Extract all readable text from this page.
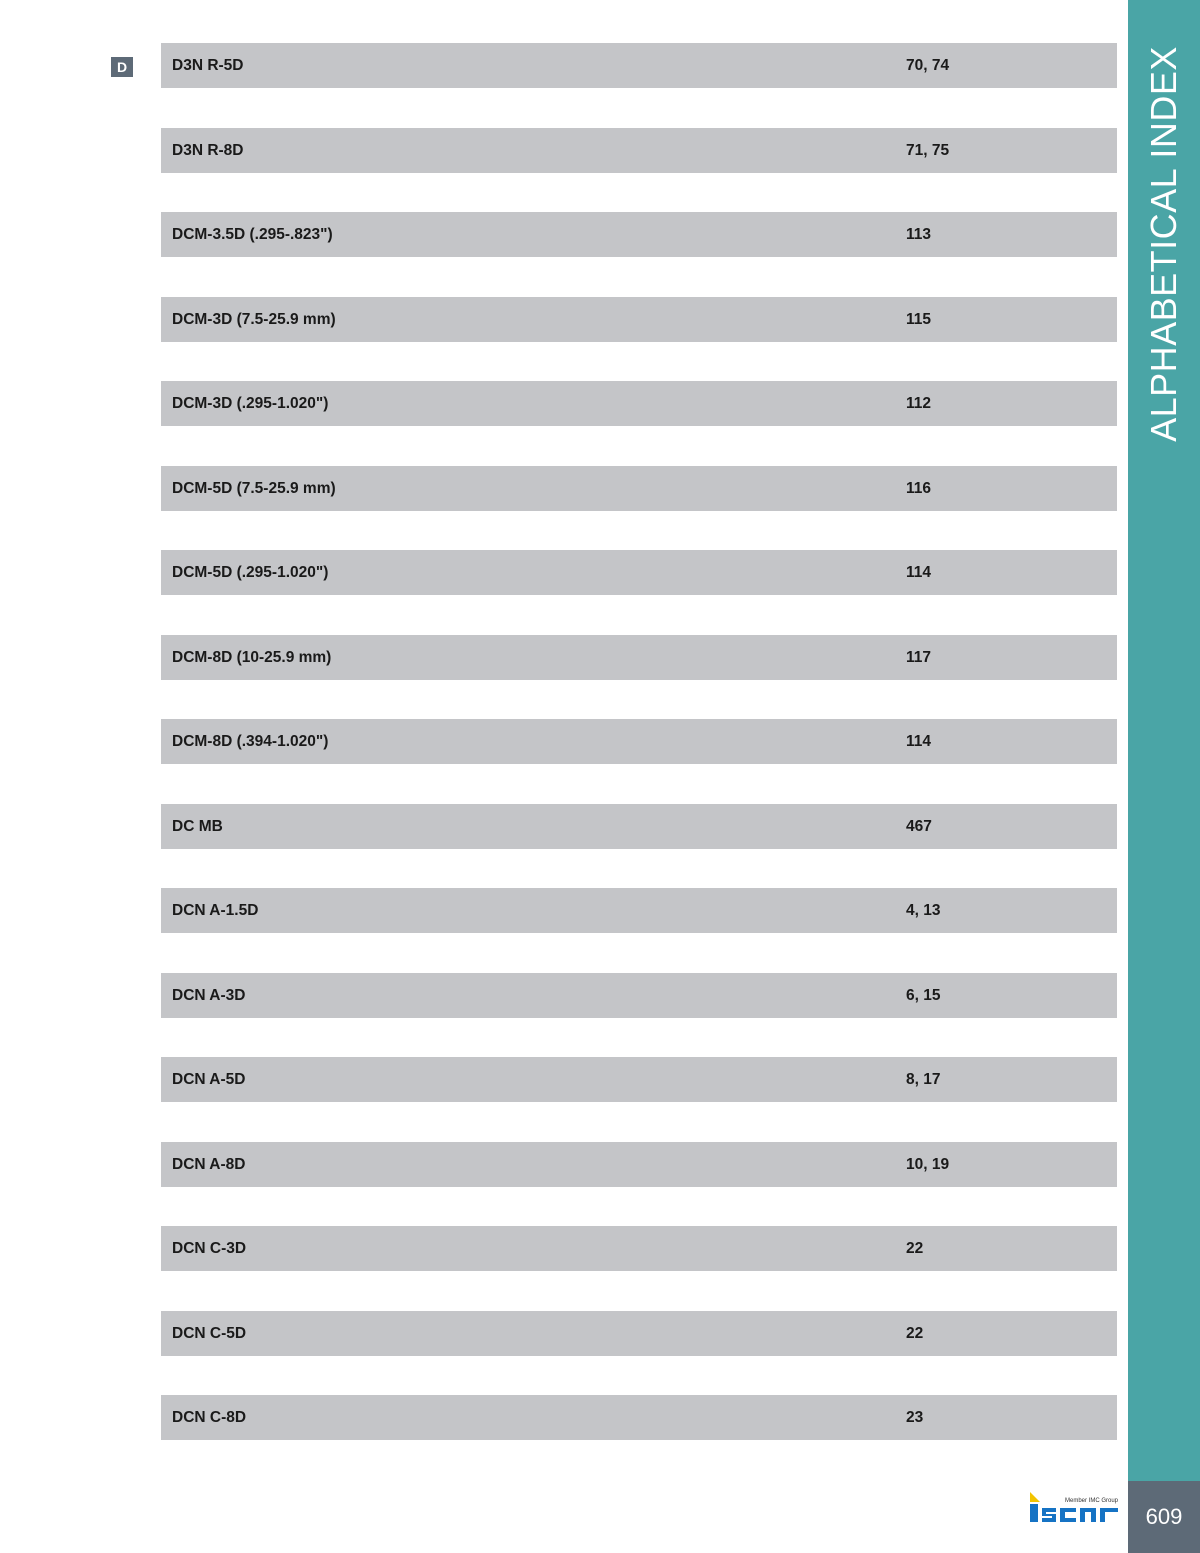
D	D3N R-5D	70, 74
D3N R-8D	71, 75
DCM-3.5D (.295-.823")	113
DCM-3D (7.5-25.9 mm)	115
DCM-3D (.295-1.020")	112
DCM-5D (7.5-25.9 mm)	116
DCM-5D (.295-1.020")	114
DCM-8D (10-25.9 mm)	117
DCM-8D (.394-1.020")	114
DC MB	467
DCN A-1.5D	4, 13
DCN A-3D	6, 15
DCN A-5D	8, 17
DCN A-8D	10, 19
DCN C-3D	22
DCN C-5D	22
DCN C-8D	23
ALPHABETICAL INDEX
Member IMC Group
609
